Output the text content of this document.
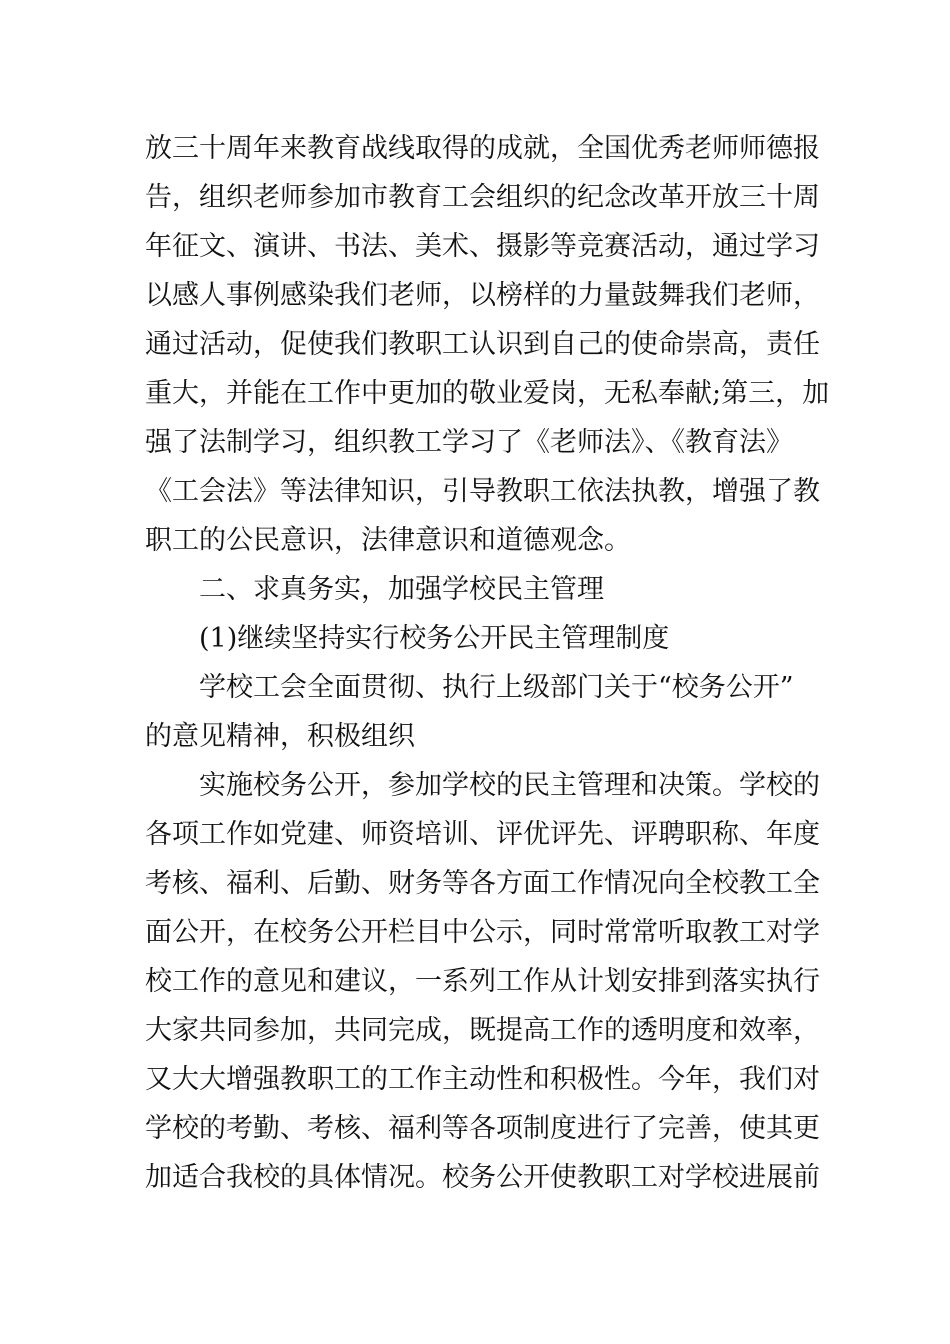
放三十周年来教育战线取得的成就，全国优秀老师师德报
告，组织老师参加市教育工会组织的纪念改革开放三十周
年征文、演讲、书法、美术、摄影等竞赛活动，通过学习
以感人事例感染我们老师，以榜样的力量鼓舞我们老师，
通过活动，促使我们教职工认识到自己的使命崇高，责任
重大，并能在工作中更加的敬业爱岗，无私奉献;第三，加
强了法制学习，组织教工学习了《老师法》、《教育法》
《工会法》等法律知识，引导教职工依法执教，增强了教
职工的公民意识，法律意识和道德观念。
二、求真务实，加强学校民主管理
(1)继续坚持实行校务公开民主管理制度
学校工会全面贯彻、执行上级部门关于“校务公开”
的意见精神，积极组织
实施校务公开，参加学校的民主管理和决策。学校的
各项工作如党建、师资培训、评优评先、评聘职称、年度
考核、福利、后勤、财务等各方面工作情况向全校教工全
面公开，在校务公开栏目中公示，同时常常听取教工对学
校工作的意见和建议，一系列工作从计划安排到落实执行
大家共同参加，共同完成，既提高工作的透明度和效率，
又大大增强教职工的工作主动性和积极性。今年，我们对
学校的考勤、考核、福利等各项制度进行了完善，使其更
加适合我校的具体情况。校务公开使教职工对学校进展前
